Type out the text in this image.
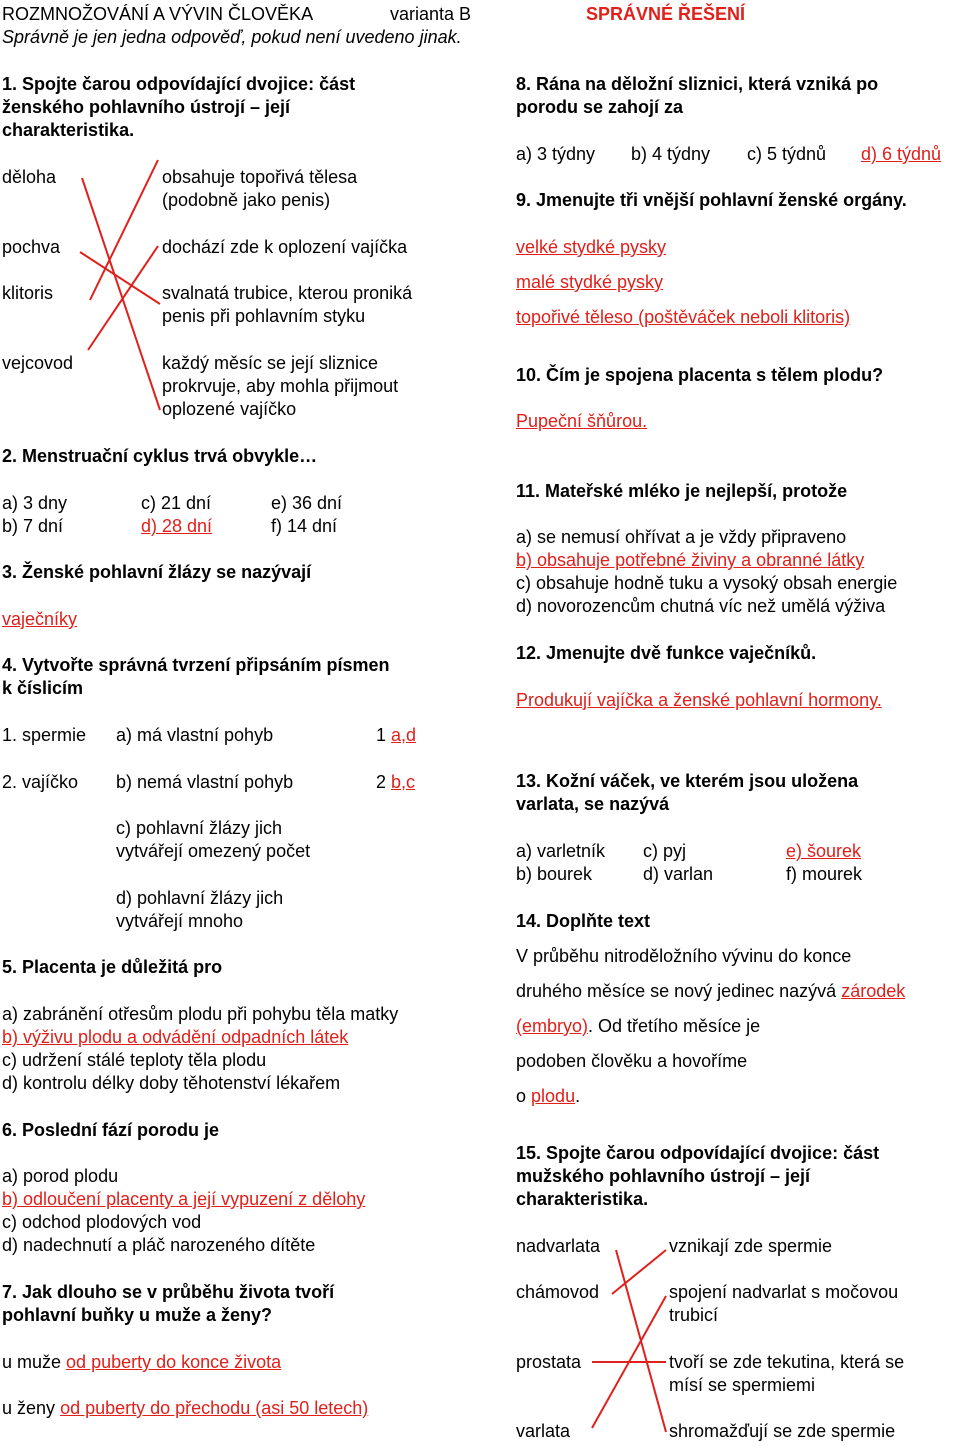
ROZMNOŽOVÁNÍ A VÝVIN ČLOVĚKA	varianta B	SPRÁVNÉ ŘEŠENÍ
Správně je jen jedna odpověď, pokud není uvedeno jinak.
1. Spojte čarou odpovídající dvojice: část
ženského pohlavního ústrojí – její
charakteristika.
děloha
pochva
klitoris
vejcovod
obsahuje topořivá tělesa
(podobně jako penis)
dochází zde k oplození vajíčka
svalnatá trubice, kterou proniká
penis při pohlavním styku
každý měsíc se její sliznice
prokrvuje, aby mohla přijmout
oplozené vajíčko
2. Menstruační cyklus trvá obvykle…
a) 3 dny	c) 21 dní	e) 36 dní
b) 7 dní	d) 28 dní	f) 14 dní
3. Ženské pohlavní žlázy se nazývají
vaječníky
4. Vytvořte správná tvrzení připsáním písmen
k číslicím
1. spermie a) má vlastní pohyb	1 a,d
2. vajíčko b) nemá vlastní pohyb	2 b,c
c) pohlavní žlázy jich
vytvářejí omezený počet
d) pohlavní žlázy jich
vytvářejí mnoho
5. Placenta je důležitá pro
a) zabránění otřesům plodu při pohybu těla matky
b) výživu plodu a odvádění odpadních látek
c) udržení stálé teploty těla plodu
d) kontrolu délky doby těhotenství lékařem
6. Poslední fází porodu je
a) porod plodu
b) odloučení placenty a její vypuzení z dělohy
c) odchod plodových vod
d) nadechnutí a pláč narozeného dítěte
7. Jak dlouho se v průběhu života tvoří
pohlavní buňky u muže a ženy?
u muže od puberty do konce života
u ženy od puberty do přechodu (asi 50 letech)
8. Rána na děložní sliznici, která vzniká po
porodu se zahojí za
a) 3 týdny b) 4 týdny c) 5 týdnů d) 6 týdnů
9. Jmenujte tři vnější pohlavní ženské orgány.
velké stydké pysky
malé stydké pysky
topořivé těleso (poštěváček neboli klitoris)
10. Čím je spojena placenta s tělem plodu?
Pupeční šňůrou.
11. Mateřské mléko je nejlepší, protože
a) se nemusí ohřívat a je vždy připraveno
b) obsahuje potřebné živiny a obranné látky
c) obsahuje hodně tuku a vysoký obsah energie
d) novorozencům chutná víc než umělá výživa
12. Jmenujte dvě funkce vaječníků.
Produkují vajíčka a ženské pohlavní hormony.
13. Kožní váček, ve kterém jsou uložena
varlata, se nazývá
a) varletník c) pyj	e) šourek
b) bourek	d) varlan	f) mourek
14. Doplňte text
V průběhu nitroděložního vývinu do konce
druhého měsíce se nový jedinec nazývá zárodek
(embryo). Od třetího měsíce je
podoben člověku a hovoříme
o plodu.
15. Spojte čarou odpovídající dvojice: část
mužského pohlavního ústrojí – její
charakteristika.
nadvarlata
chámovod
prostata
varlata
vznikají zde spermie
spojení nadvarlat s močovou
trubicí
tvoří se zde tekutina, která se
mísí se spermiemi
shromažďují se zde spermie
